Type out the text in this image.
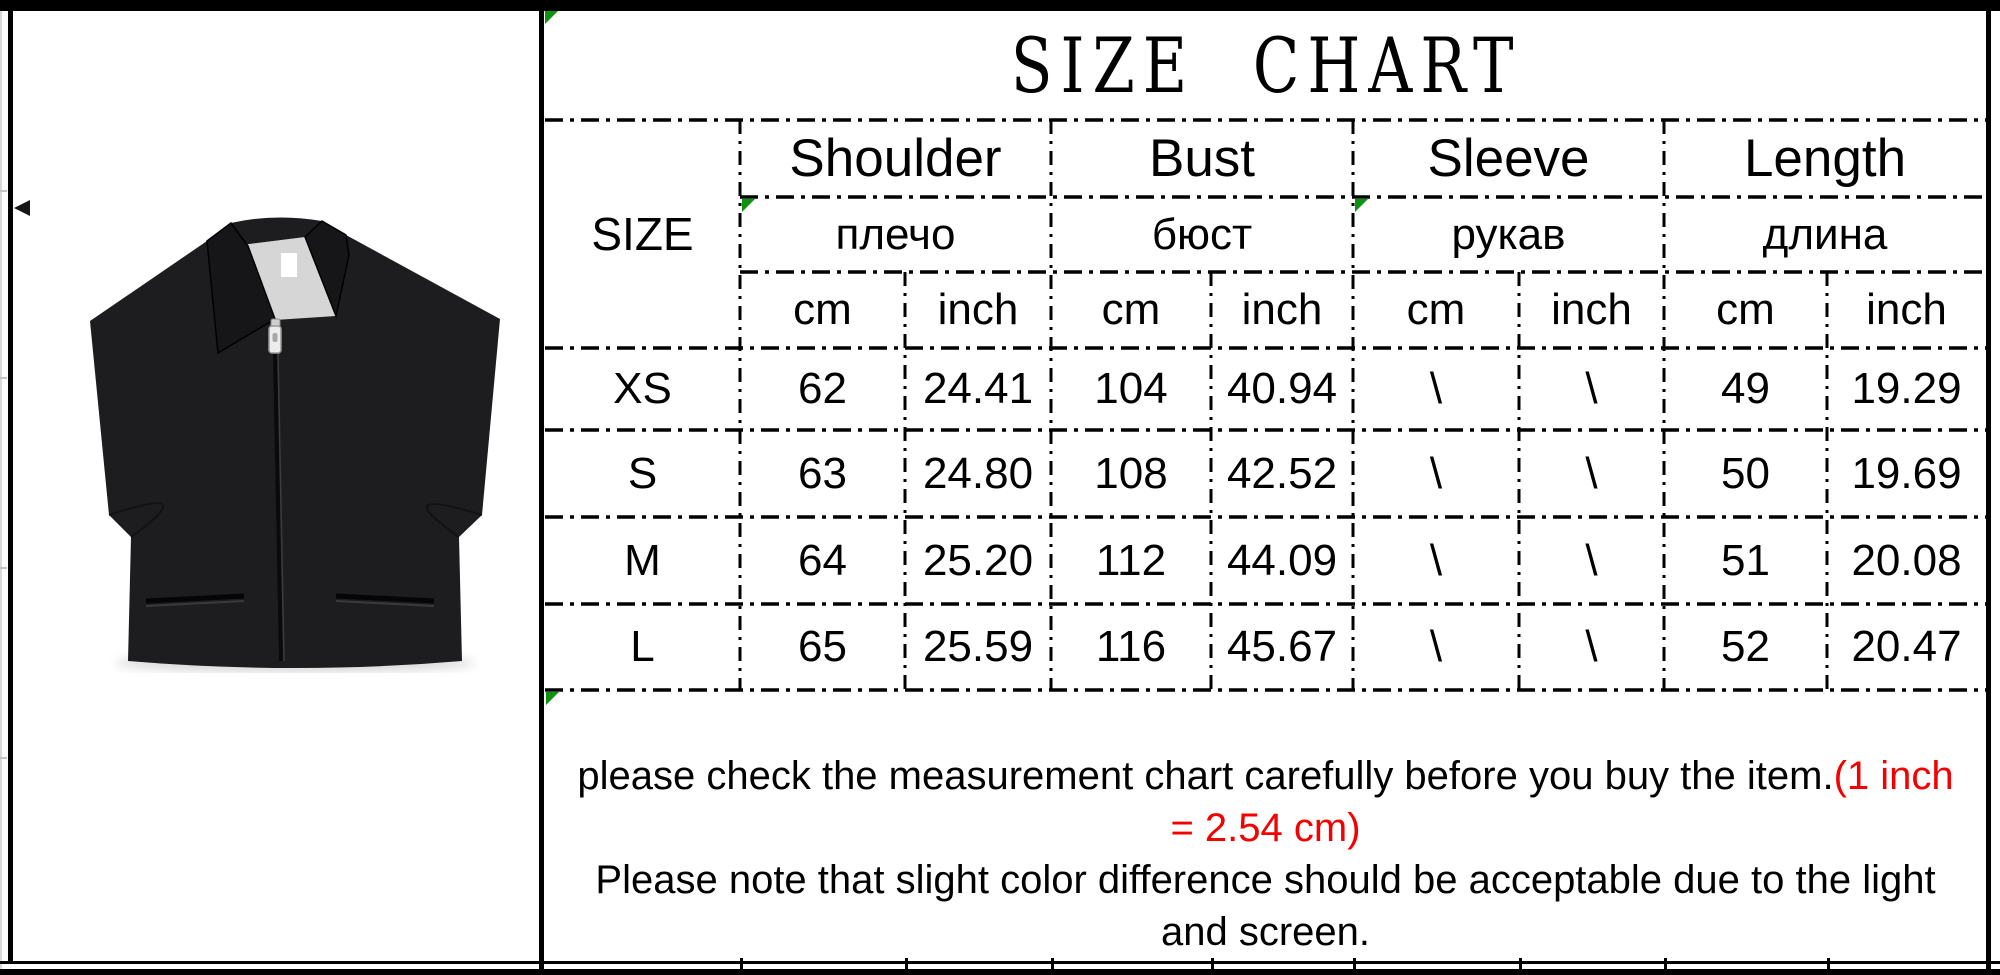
SIZE CHART
SIZE
Shoulder	Bust	Sleeve	Length
плечо	бюст	рукав	длина
cm	inch	cm	inch	cm	inch	cm	inch
XS	62	24.41	104	40.94	\	\	49	19.29
S	63	24.80	108	42.52	\	\	50	19.69
M	64	25.20	112	44.09	\	\	51	20.08
L	65	25.59	116	45.67	\	\	52	20.47
please check the measurement chart carefully before you buy the item.(1 inch
= 2.54 cm)
Please note that slight color difference should be acceptable due to the light
and screen.
